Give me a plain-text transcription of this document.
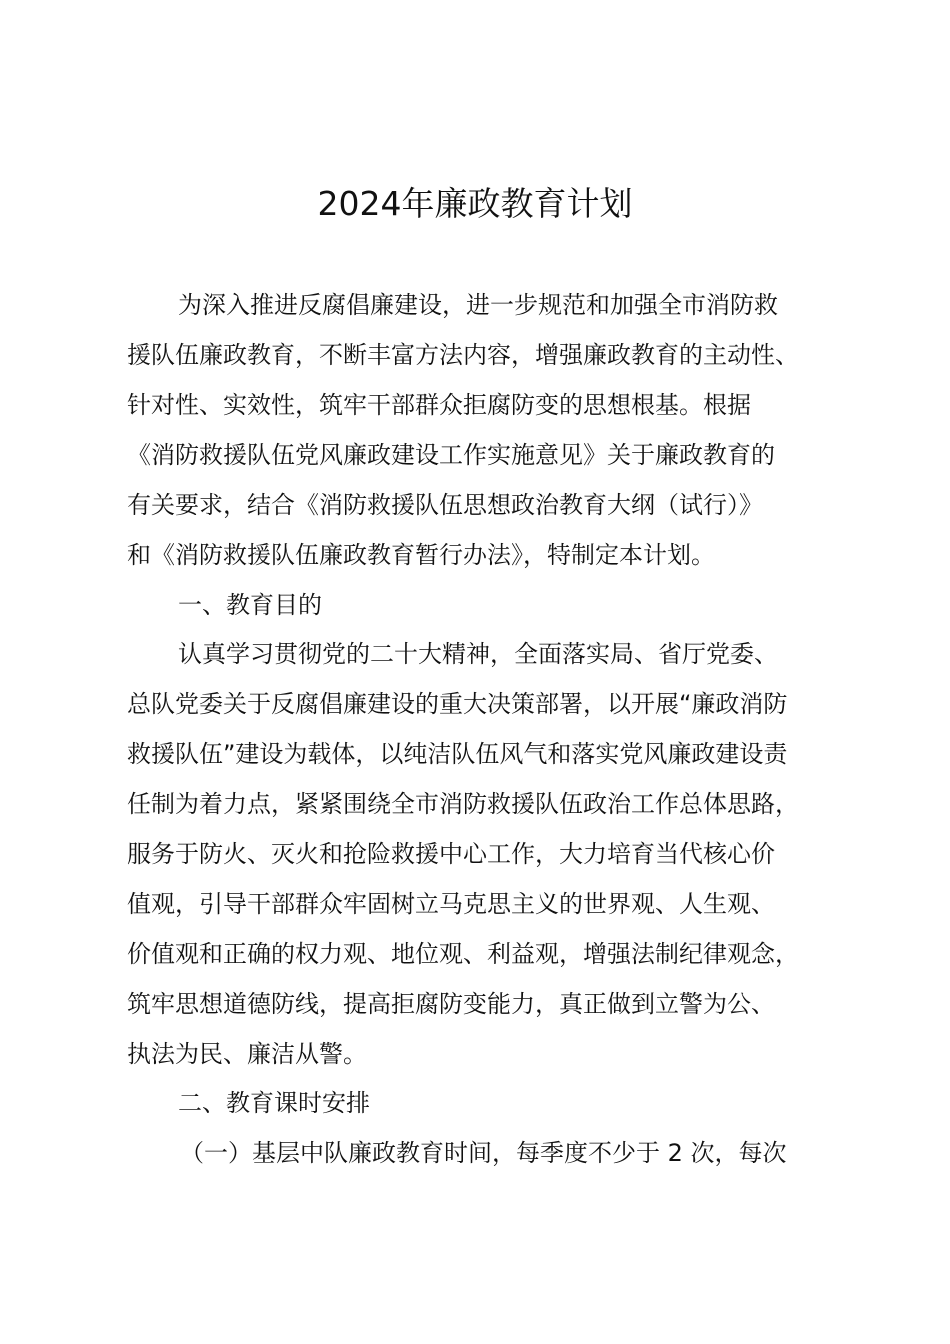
2024年廉政教育计划
为深入推进反腐倡廉建设，进一步规范和加强全市消防救
援队伍廉政教育，不断丰富方法内容，增强廉政教育的主动性、
针对性、实效性，筑牢干部群众拒腐防变的思想根基。根据
《消防救援队伍党风廉政建设工作实施意见》关于廉政教育的
有关要求，结合《消防救援队伍思想政治教育大纲（试行）》
和《消防救援队伍廉政教育暂行办法》，特制定本计划。
一、教育目的
认真学习贯彻党的二十大精神，全面落实局、省厅党委、
总队党委关于反腐倡廉建设的重大决策部署，以开展“廉政消防
救援队伍”建设为载体，以纯洁队伍风气和落实党风廉政建设责
任制为着力点，紧紧围绕全市消防救援队伍政治工作总体思路，
服务于防火、灭火和抢险救援中心工作，大力培育当代核心价
值观，引导干部群众牢固树立马克思主义的世界观、人生观、
价值观和正确的权力观、地位观、利益观，增强法制纪律观念，
筑牢思想道德防线，提高拒腐防变能力，真正做到立警为公、
执法为民、廉洁从警。
二、教育课时安排
（一）基层中队廉政教育时间，每季度不少于 2 次，每次
